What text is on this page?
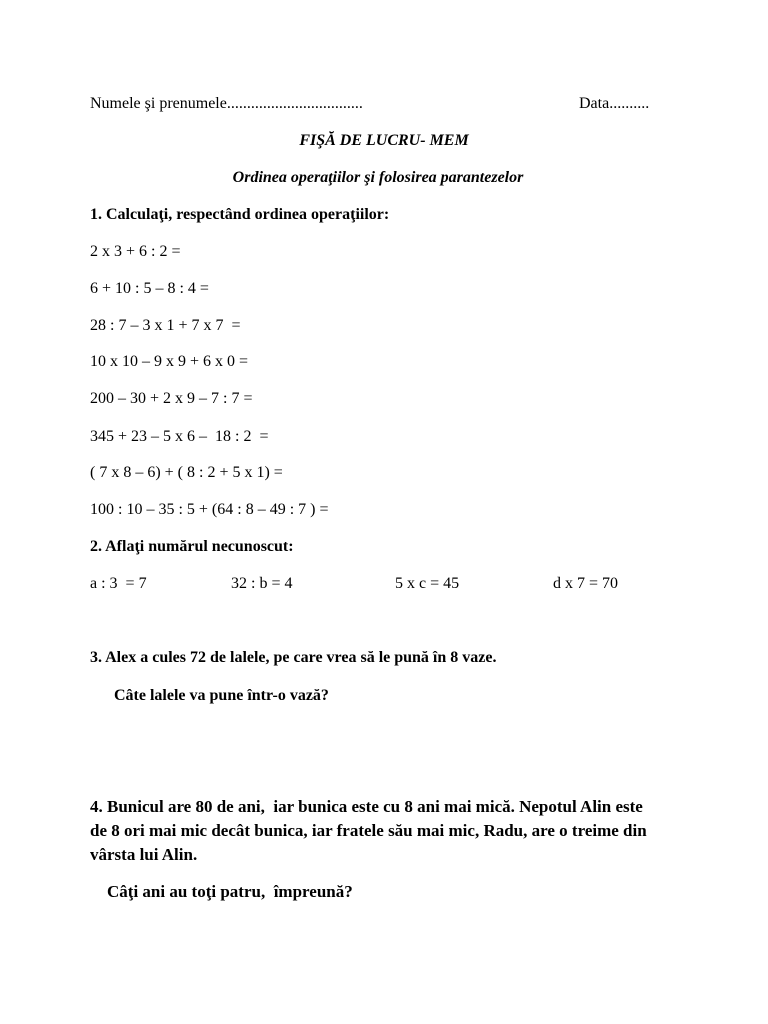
Numele şi prenumele..................................	Data..........
FIŞĂ DE LUCRU- MEM
Ordinea operaţiilor şi folosirea parantezelor
1. Calculaţi, respectând ordinea operaţiilor:
2 x 3 + 6 : 2 =
6 + 10 : 5 – 8 : 4 =
28 : 7 – 3 x 1 + 7 x 7  =
10 x 10 – 9 x 9 + 6 x 0 =
200 – 30 + 2 x 9 – 7 : 7 =
345 + 23 – 5 x 6 –  18 : 2  =
( 7 x 8 – 6) + ( 8 : 2 + 5 x 1) =
100 : 10 – 35 : 5 + (64 : 8 – 49 : 7 ) =
2. Aflaţi numărul necunoscut:
a : 3  = 7	32 : b = 4	5 x c = 45	d x 7 = 70
3. Alex a cules 72 de lalele, pe care vrea să le pună în 8 vaze.
Câte lalele va pune într-o vază?
4. Bunicul are 80 de ani,  iar bunica este cu 8 ani mai mică. Nepotul Alin este
de 8 ori mai mic decât bunica, iar fratele său mai mic, Radu, are o treime din
vârsta lui Alin.
Câţi ani au toţi patru,  împreună?
